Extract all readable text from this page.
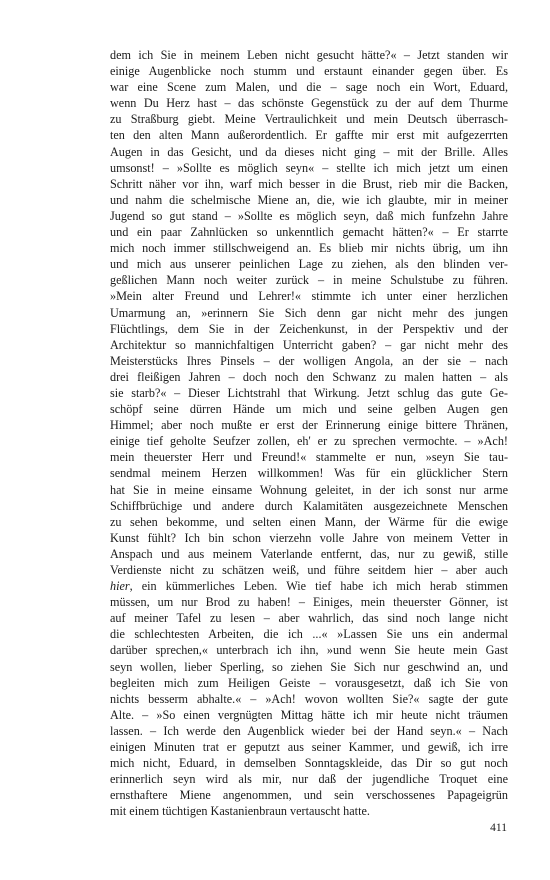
dem ich Sie in meinem Leben nicht gesucht hätte?« – Jetzt standen wir
einige Augenblicke noch stumm und erstaunt einander gegen über. Es
war eine Scene zum Malen, und die – sage noch ein Wort, Eduard,
wenn Du Herz hast – das schönste Gegenstück zu der auf dem Thurme
zu Straßburg giebt. Meine Vertraulichkeit und mein Deutsch überrasch-
ten den alten Mann außerordentlich. Er gaffte mir erst mit aufgezerrten
Augen in das Gesicht, und da dieses nicht ging – mit der Brille. Alles
umsonst! – »Sollte es möglich seyn« – stellte ich mich jetzt um einen
Schritt näher vor ihn, warf mich besser in die Brust, rieb mir die Backen,
und nahm die schelmische Miene an, die, wie ich glaubte, mir in meiner
Jugend so gut stand – »Sollte es möglich seyn, daß mich funfzehn Jahre
und ein paar Zahnlücken so unkenntlich gemacht hätten?« – Er starrte
mich noch immer stillschweigend an. Es blieb mir nichts übrig, um ihn
und mich aus unserer peinlichen Lage zu ziehen, als den blinden ver-
geßlichen Mann noch weiter zurück – in meine Schulstube zu führen.
»Mein alter Freund und Lehrer!« stimmte ich unter einer herzlichen
Umarmung an, »erinnern Sie Sich denn gar nicht mehr des jungen
Flüchtlings, dem Sie in der Zeichenkunst, in der Perspektiv und der
Architektur so mannichfaltigen Unterricht gaben? – gar nicht mehr des
Meisterstücks Ihres Pinsels – der wolligen Angola, an der sie – nach
drei fleißigen Jahren – doch noch den Schwanz zu malen hatten – als
sie starb?« – Dieser Lichtstrahl that Wirkung. Jetzt schlug das gute Ge-
schöpf seine dürren Hände um mich und seine gelben Augen gen
Himmel; aber noch mußte er erst der Erinnerung einige bittere Thränen,
einige tief geholte Seufzer zollen, eh' er zu sprechen vermochte. – »Ach!
mein theuerster Herr und Freund!« stammelte er nun, »seyn Sie tau-
sendmal meinem Herzen willkommen! Was für ein glücklicher Stern
hat Sie in meine einsame Wohnung geleitet, in der ich sonst nur arme
Schiffbrüchige und andere durch Kalamitäten ausgezeichnete Menschen
zu sehen bekomme, und selten einen Mann, der Wärme für die ewige
Kunst fühlt? Ich bin schon vierzehn volle Jahre von meinem Vetter in
Anspach und aus meinem Vaterlande entfernt, das, nur zu gewiß, stille
Verdienste nicht zu schätzen weiß, und führe seitdem hier – aber auch
hier, ein kümmerliches Leben. Wie tief habe ich mich herab stimmen
müssen, um nur Brod zu haben! – Einiges, mein theuerster Gönner, ist
auf meiner Tafel zu lesen – aber wahrlich, das sind noch lange nicht
die schlechtesten Arbeiten, die ich ...« »Lassen Sie uns ein andermal
darüber sprechen,« unterbrach ich ihn, »und wenn Sie heute mein Gast
seyn wollen, lieber Sperling, so ziehen Sie Sich nur geschwind an, und
begleiten mich zum Heiligen Geiste – vorausgesetzt, daß ich Sie von
nichts besserm abhalte.« – »Ach! wovon wollten Sie?« sagte der gute
Alte. – »So einen vergnügten Mittag hätte ich mir heute nicht träumen
lassen. – Ich werde den Augenblick wieder bei der Hand seyn.« – Nach
einigen Minuten trat er geputzt aus seiner Kammer, und gewiß, ich irre
mich nicht, Eduard, in demselben Sonntagskleide, das Dir so gut noch
erinnerlich seyn wird als mir, nur daß der jugendliche Troquet eine
ernsthaftere Miene angenommen, und sein verschossenes Papageigrün
mit einem tüchtigen Kastanienbraun vertauscht hatte.
411
